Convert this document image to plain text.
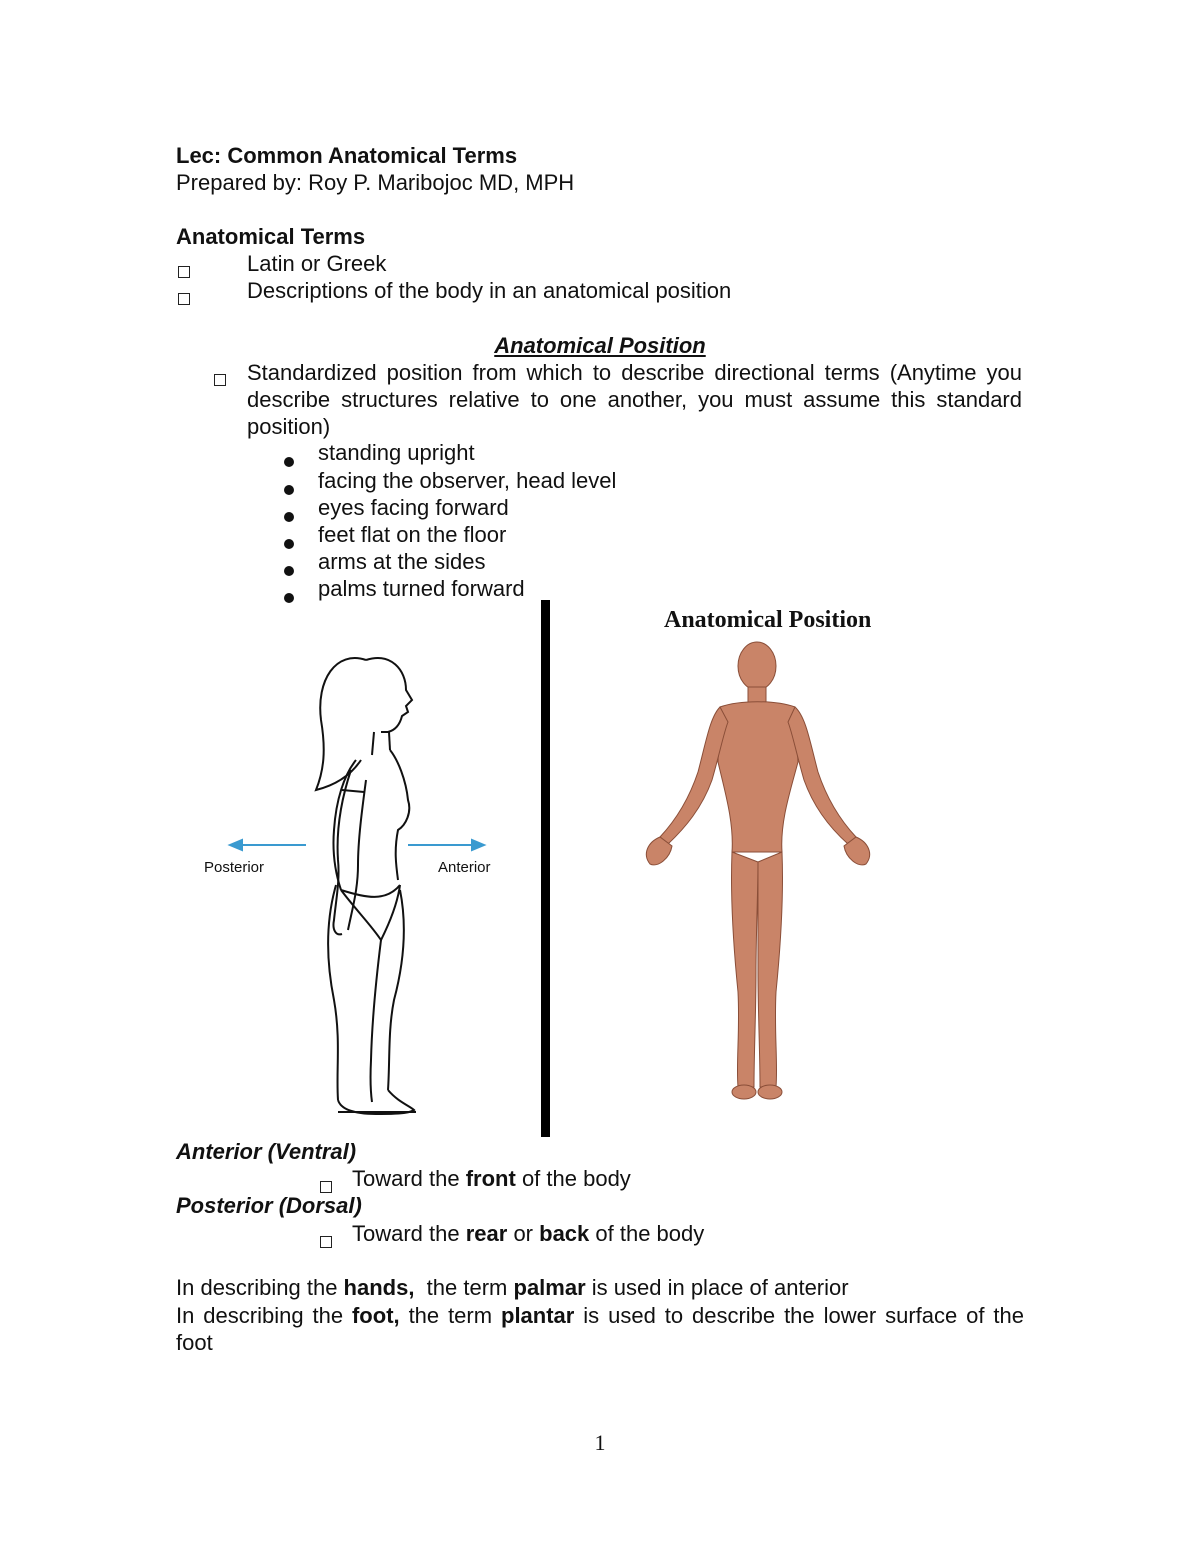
Lec: Common Anatomical Terms
Prepared by: Roy P. Maribojoc MD, MPH
Anatomical Terms
Latin or Greek
Descriptions of the body in an anatomical position
Anatomical Position
Standardized position from which to describe directional terms (Anytime you describe structures relative to one another, you must assume this standard position)
standing upright
facing the observer, head level
eyes facing forward
feet flat on the floor
arms at the sides
palms turned forward
Posterior	Anterior
Anatomical Position
Anterior (Ventral)
Toward the front of the body
Posterior (Dorsal)
Toward the rear or back of the body
In describing the hands,  the term palmar is used in place of anterior
In describing the foot, the term plantar is used to describe the lower surface of the foot
1
